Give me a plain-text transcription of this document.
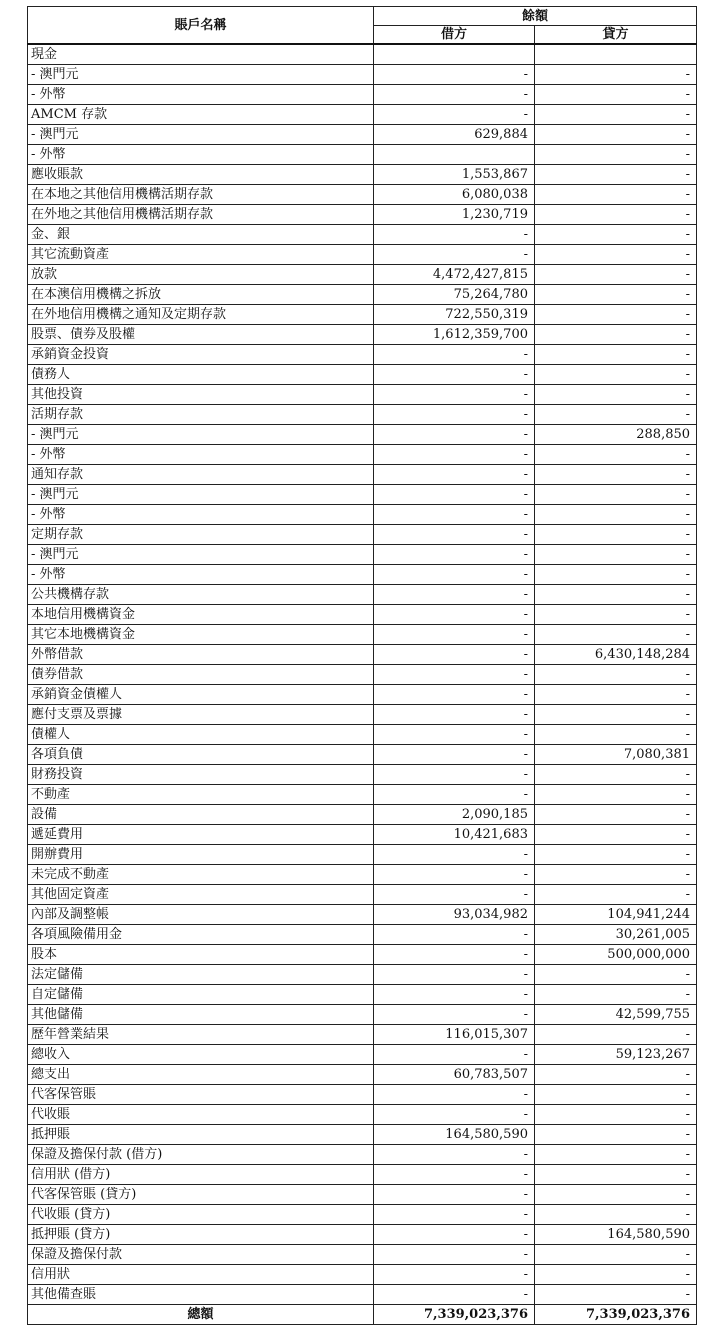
賬戶名稱	餘額	
	借方	貸方
現金		
- 澳門元	-	-
- 外幣	-	-
AMCM 存款	-	-
- 澳門元	629,884	-
- 外幣		-
應收賬款	1,553,867	-
在本地之其他信用機構活期存款	6,080,038	-
在外地之其他信用機構活期存款	1,230,719	-
金、銀	-	-
其它流動資產	-	-
放款	4,472,427,815	-
在本澳信用機構之拆放	75,264,780	-
在外地信用機構之通知及定期存款	722,550,319	-
股票、債券及股權	1,612,359,700	-
承銷資金投資	-	-
債務人	-	-
其他投資	-	-
活期存款	-	-
- 澳門元	-	288,850
- 外幣	-	-
通知存款	-	-
- 澳門元	-	-
- 外幣	-	-
定期存款	-	-
- 澳門元	-	-
- 外幣	-	-
公共機構存款	-	-
本地信用機構資金	-	-
其它本地機構資金	-	-
外幣借款	-	6,430,148,284
債券借款	-	-
承銷資金債權人	-	-
應付支票及票據	-	-
債權人	-	-
各項負債	-	7,080,381
財務投資	-	-
不動產	-	-
設備	2,090,185	-
遞延費用	10,421,683	-
開辦費用	-	-
未完成不動產	-	-
其他固定資產	-	-
內部及調整帳	93,034,982	104,941,244
各項風險備用金	-	30,261,005
股本	-	500,000,000
法定儲備	-	-
自定儲備	-	-
其他儲備	-	42,599,755
歷年營業結果	116,015,307	-
總收入	-	59,123,267
總支出	60,783,507	-
代客保管賬	-	-
代收賬	-	-
抵押賬	164,580,590	-
保證及擔保付款 (借方)	-	-
信用狀 (借方)	-	-
代客保管賬 (貸方)	-	-
代收賬 (貸方)	-	-
抵押賬 (貸方)	-	164,580,590
保證及擔保付款	-	-
信用狀	-	-
其他備查賬	-	-
總額	7,339,023,376	7,339,023,376
